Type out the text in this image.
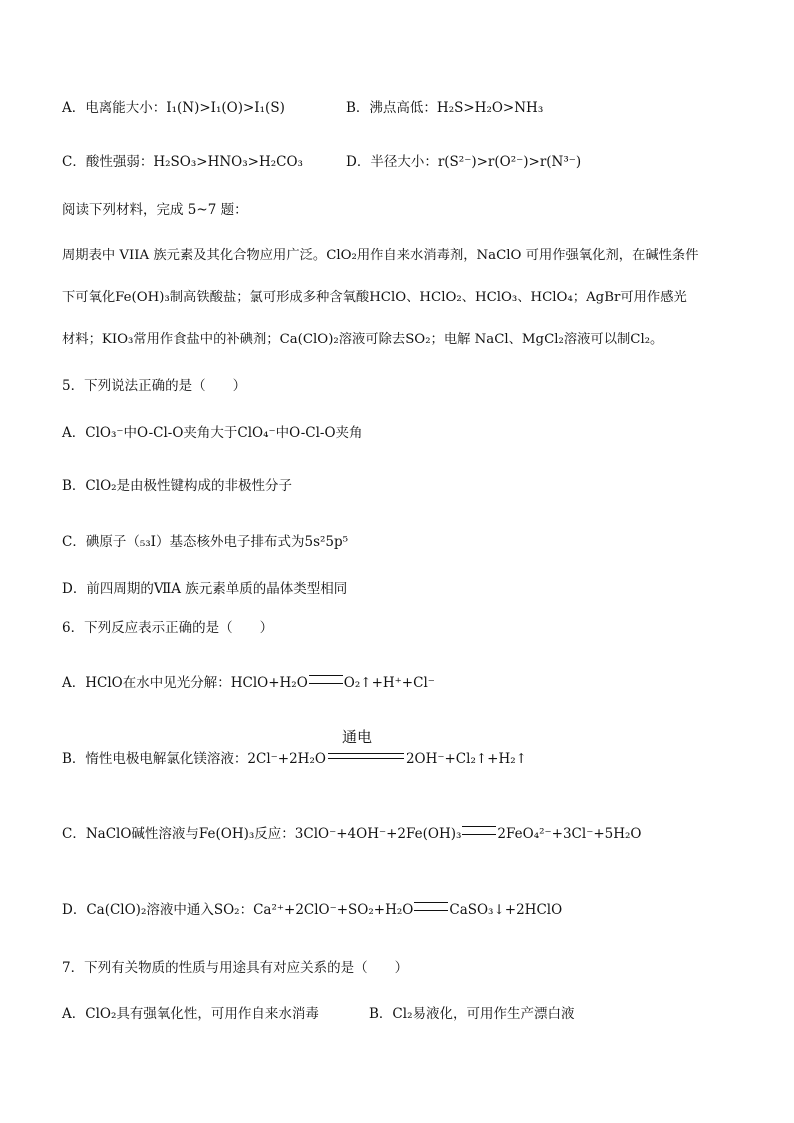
A．电离能大小：I₁(N)>I₁(O)>I₁(S)	B．沸点高低：H₂S>H₂O>NH₃
C．酸性强弱：H₂SO₃>HNO₃>H₂CO₃	D．半径大小：r(S²⁻)>r(O²⁻)>r(N³⁻)
阅读下列材料，完成 5~7 题：
周期表中 VIIA 族元素及其化合物应用广泛。ClO₂用作自来水消毒剂，NaClO 可用作强氧化剂，在碱性条件
下可氧化Fe(OH)₃制高铁酸盐；氯可形成多种含氧酸HClO、HClO₂、HClO₃、HClO₄；AgBr可用作感光
材料；KIO₃常用作食盐中的补碘剂；Ca(ClO)₂溶液可除去SO₂；电解 NaCl、MgCl₂溶液可以制Cl₂。
5．下列说法正确的是（　　）
A．ClO₃⁻中O-Cl-O夹角大于ClO₄⁻中O-Cl-O夹角
B．ClO₂是由极性键构成的非极性分子
C．碘原子（₅₃I）基态核外电子排布式为5s²5p⁵
D．前四周期的ⅦA 族元素单质的晶体类型相同
6．下列反应表示正确的是（　　）
A．HClO在水中见光分解：HClO+H₂O	O₂↑+H⁺+Cl⁻
B．惰性电极电解氯化镁溶液：2Cl⁻+2H₂O
通电
2OH⁻+Cl₂↑+H₂↑
C．NaClO碱性溶液与Fe(OH)₃反应：3ClO⁻+4OH⁻+2Fe(OH)₃	2FeO₄²⁻+3Cl⁻+5H₂O
D．Ca(ClO)₂溶液中通入SO₂：Ca²⁺+2ClO⁻+SO₂+H₂O	CaSO₃↓+2HClO
7．下列有关物质的性质与用途具有对应关系的是（　　）
A．ClO₂具有强氧化性，可用作自来水消毒	B．Cl₂易液化，可用作生产漂白液
